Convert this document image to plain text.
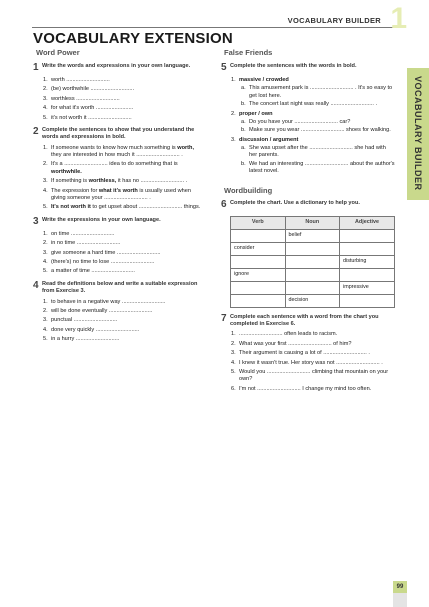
VOCABULARY BUILDER 1
VOCABULARY EXTENSION
VOCABULARY BUILDER
Word Power
1 Write the words and expressions in your own language.
1. worth ............................
2. (be) worthwhile ............................
3. worthless ............................
4. for what it's worth ........................
5. it's not worth it ............................
2 Complete the sentences to show that you understand the words and expressions in bold.
1. If someone wants to know how much something is worth, they are interested in how much it ............................ .
2. It's a ............................ idea to do something that is worthwhile.
3. If something is worthless, it has no ............................ .
4. The expression for what it's worth is usually used when giving someone your ............................ .
5. It's not worth it to get upset about ............................ things.
3 Write the expressions in your own language.
1. on time ............................
2. in no time ............................
3. give someone a hard time ............................
4. (there's) no time to lose ............................
5. a matter of time ............................
4 Read the definitions below and write a suitable expression from Exercise 3.
1. to behave in a negative way ............................
2. will be done eventually ............................
3. punctual ............................
4. done very quickly ............................
5. in a hurry ............................
False Friends
5 Complete the sentences with the words in bold.
1. massive / crowded
a. This amusement park is ............................ . It's so easy to get lost here.
b. The concert last night was really ............................ .
2. proper / own
a. Do you have your ............................ car?
b. Make sure you wear ............................ shoes for walking.
3. discussion / argument
a. She was upset after the ............................ she had with her parents.
b. We had an interesting ............................ about the author's latest novel.
Wordbuilding
6 Complete the chart. Use a dictionary to help you.
Verb	Noun	Adjective
	belief	
consider		
		disturbing
ignore		
		impressive
	decision	
7 Complete each sentence with a word from the chart you completed in Exercise 6.
1. ............................ often leads to racism.
2. What was your first ............................ of him?
3. Their argument is causing a lot of ............................ .
4. I knew it wasn't true. Her story was not ............................ .
5. Would you ............................ climbing that mountain on your own?
6. I'm not ............................ I change my mind too often.
99
